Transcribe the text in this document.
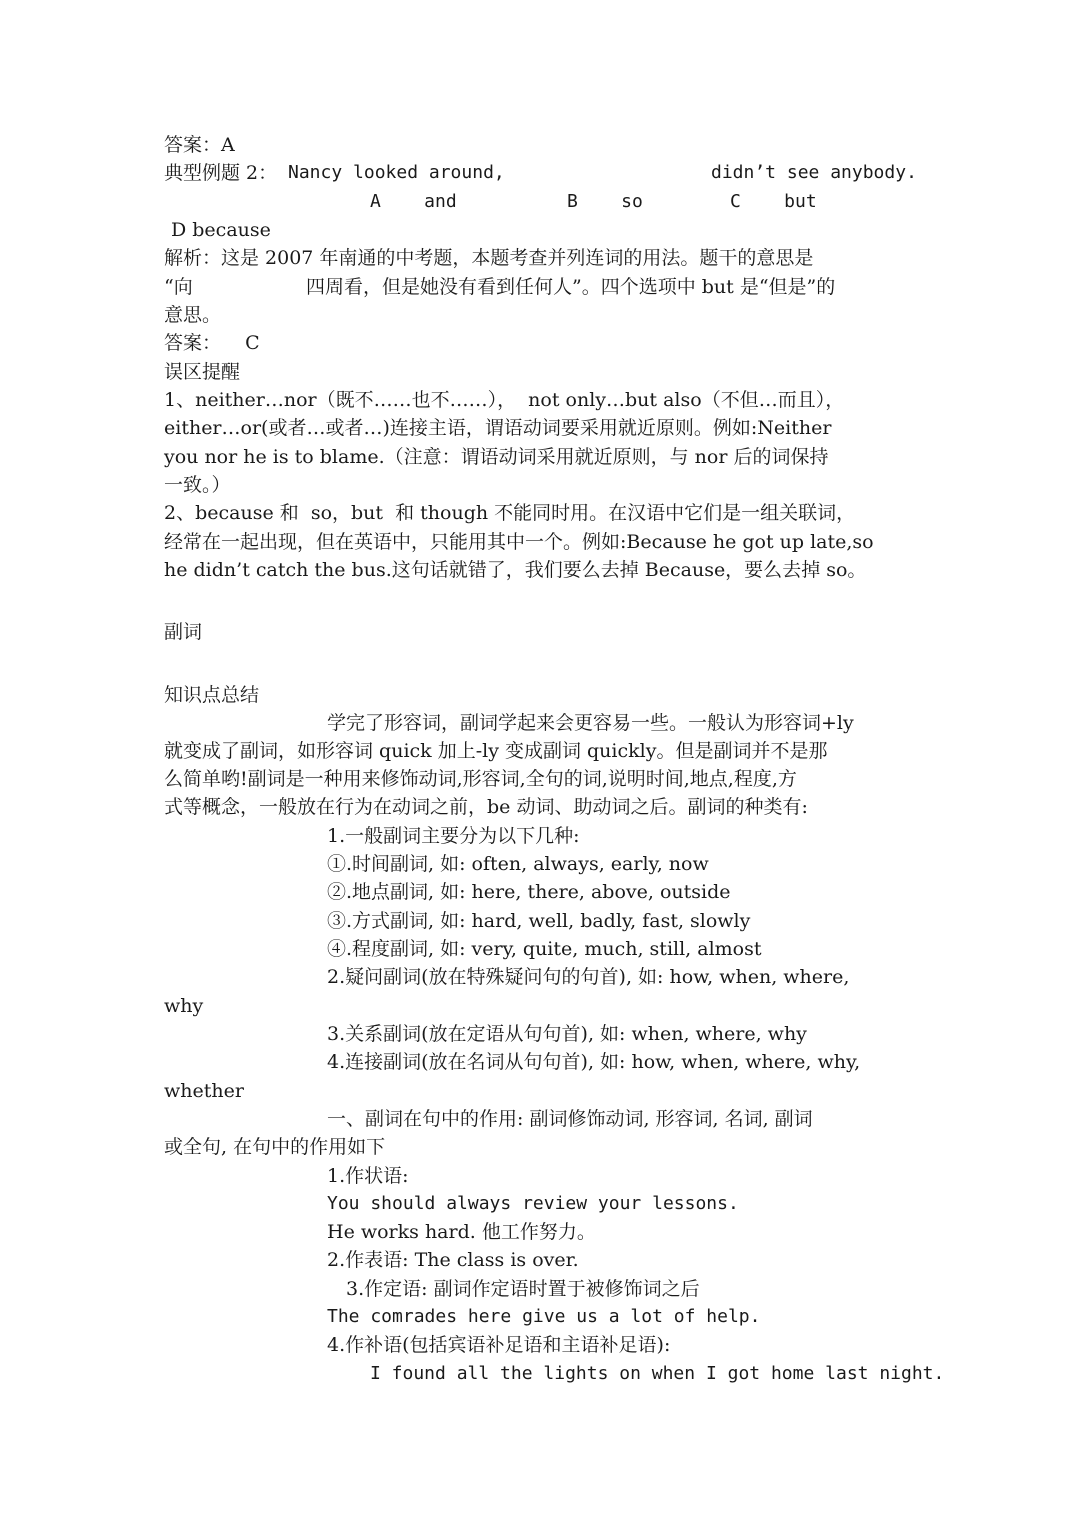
答案：A
典型例题 2： Nancy looked around,	didn’t see anybody.
A    and	B    so	C    but
D because
解析：这是 2007 年南通的中考题，本题考查并列连词的用法。题干的意思是
“向	四周看，但是她没有看到任何人”。四个选项中 but 是“但是”的
意思。
答案：    C
误区提醒
1、neither…nor（既不……也不……），  not only…but also（不但…而且），
either…or(或者…或者…)连接主语，谓语动词要采用就近原则。例如:Neither
you nor he is to blame.（注意：谓语动词采用就近原则，与 nor 后的词保持
一致。）
2、because 和  so，but  和 though 不能同时用。在汉语中它们是一组关联词，
经常在一起出现，但在英语中，只能用其中一个。例如:Because he got up late,so
he didn’t catch the bus.这句话就错了，我们要么去掉 Because，要么去掉 so。
副词
知识点总结
学完了形容词，副词学起来会更容易一些。一般认为形容词+ly
就变成了副词，如形容词 quick 加上-ly 变成副词 quickly。但是副词并不是那
么简单哟!副词是一种用来修饰动词,形容词,全句的词,说明时间,地点,程度,方
式等概念，一般放在行为在动词之前，be 动词、助动词之后。副词的种类有:
1.一般副词主要分为以下几种:
①.时间副词, 如: often, always, early, now
②.地点副词, 如: here, there, above, outside
③.方式副词, 如: hard, well, badly, fast, slowly
④.程度副词, 如: very, quite, much, still, almost
2.疑问副词(放在特殊疑问句的句首), 如: how, when, where,
why
3.关系副词(放在定语从句句首), 如: when, where, why
4.连接副词(放在名词从句句首), 如: how, when, where, why,
whether
一、副词在句中的作用: 副词修饰动词, 形容词, 名词, 副词
或全句, 在句中的作用如下
1.作状语:
You should always review your lessons.
He works hard. 他工作努力。
2.作表语: The class is over.
3.作定语: 副词作定语时置于被修饰词之后
The comrades here give us a lot of help.
4.作补语(包括宾语补足语和主语补足语):
I found all the lights on when I got home last night.
